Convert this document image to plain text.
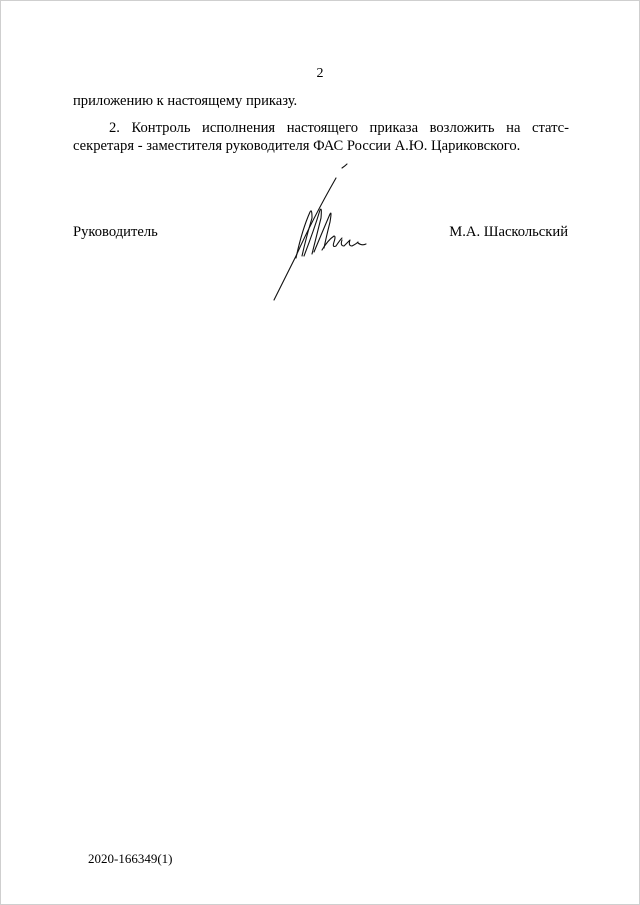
2
приложению к настоящему приказу.
2. Контроль исполнения настоящего приказа возложить на статс-
секретаря - заместителя руководителя ФАС России А.Ю. Цариковского.
Руководитель	М.А. Шаскольский
2020-166349(1)
